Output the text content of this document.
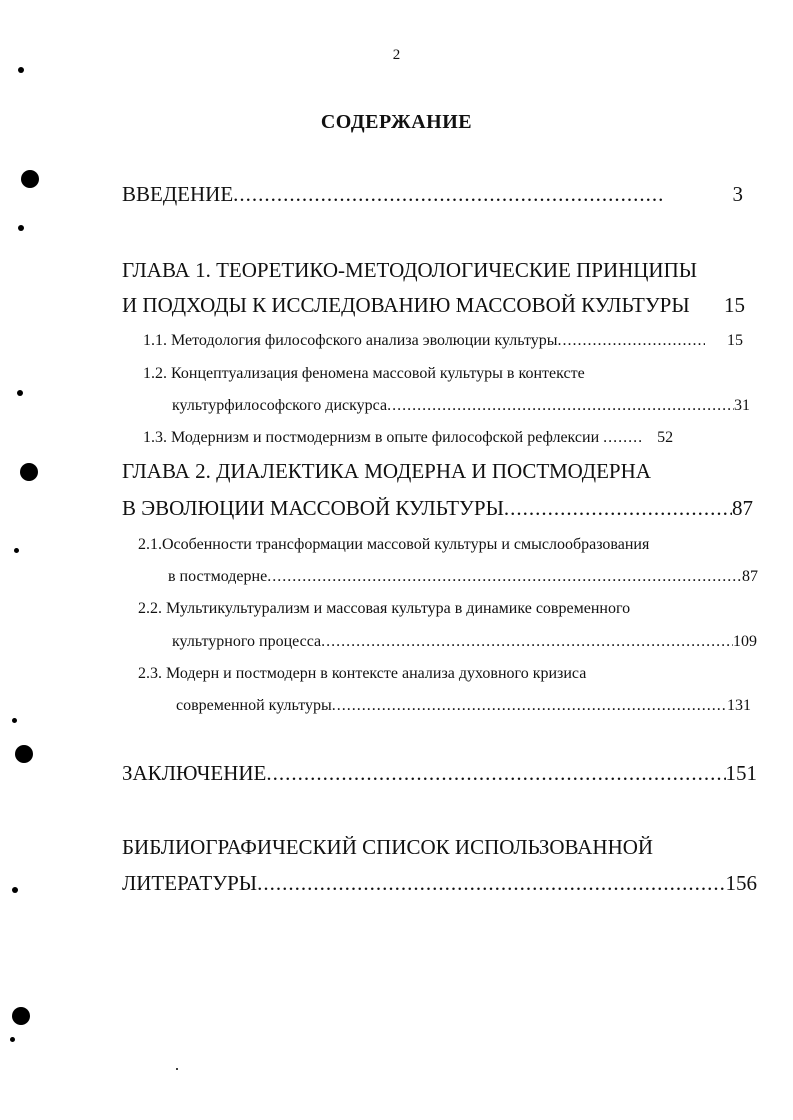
2
СОДЕРЖАНИЕ
ВВЕДЕНИЕ .....	3
ГЛАВА 1. ТЕОРЕТИКО-МЕТОДОЛОГИЧЕСКИЕ ПРИНЦИПЫ
И ПОДХОДЫ К ИССЛЕДОВАНИЮ МАССОВОЙ КУЛЬТУРЫ 15
1.1. Методология философского анализа эволюции культуры .....	15
1.2. Концептуализация феномена массовой культуры в контексте
культурфилософского дискурса .....	31
1.3. Модернизм и постмодернизм в опыте философской рефлексии .....	52
ГЛАВА 2. ДИАЛЕКТИКА МОДЕРНА И ПОСТМОДЕРНА
В ЭВОЛЮЦИИ МАССОВОЙ КУЛЬТУРЫ .....	87
2.1.Особенности трансформации массовой культуры и смыслообразования
в постмодерне .....	87
2.2. Мультикультурализм и массовая культура в динамике современного
культурного процесса .....	109
2.3. Модерн и постмодерн в контексте анализа духовного кризиса
современной культуры .....	131
ЗАКЛЮЧЕНИЕ .....	151
БИБЛИОГРАФИЧЕСКИЙ СПИСОК ИСПОЛЬЗОВАННОЙ
ЛИТЕРАТУРЫ .....	156
